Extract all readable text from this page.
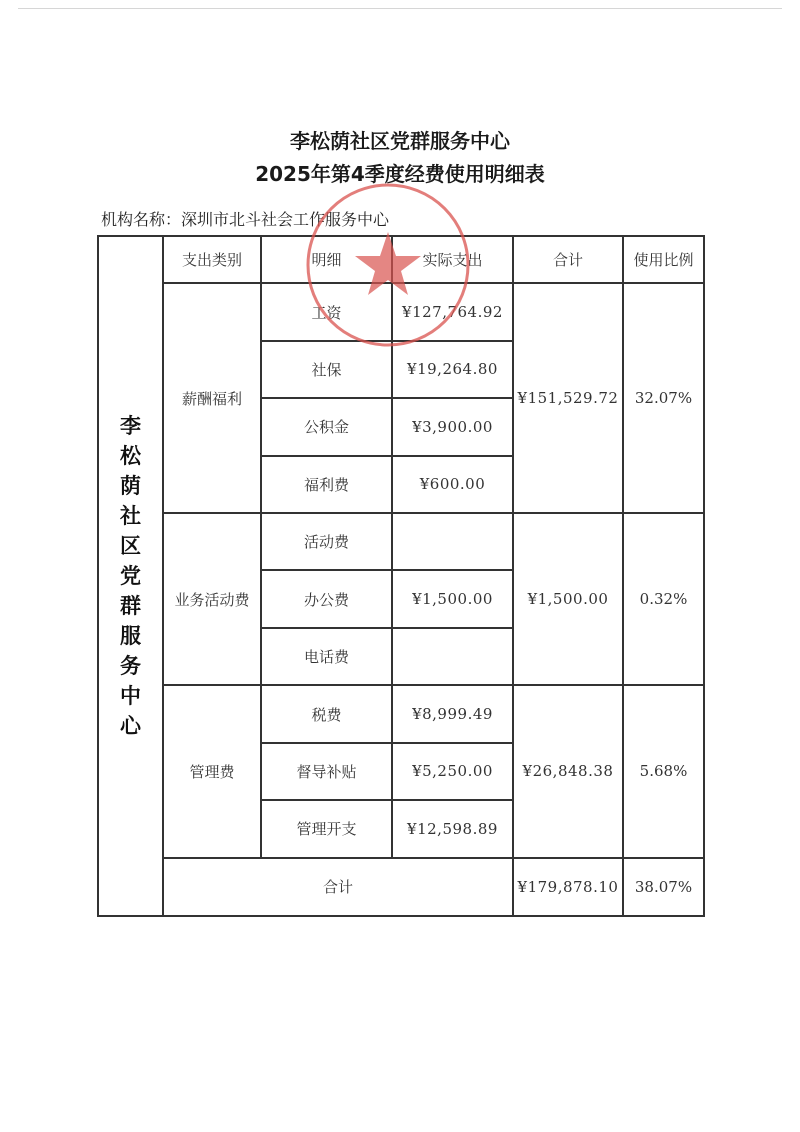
李松荫社区党群服务中心
2025年第4季度经费使用明细表
机构名称：深圳市北斗社会工作服务中心
李松荫社区党群服务中心	支出类别	明细	实际支出	合计	使用比例
	薪酬福利	工资	¥127,764.92	¥151,529.72	32.07%
		社保	¥19,264.80		
		公积金	¥3,900.00		
		福利费	¥600.00		
	业务活动费	活动费		¥1,500.00	0.32%
		办公费	¥1,500.00		
		电话费			
	管理费	税费	¥8,999.49	¥26,848.38	5.68%
		督导补贴	¥5,250.00		
		管理开支	¥12,598.89		
	合计			¥179,878.10	38.07%
